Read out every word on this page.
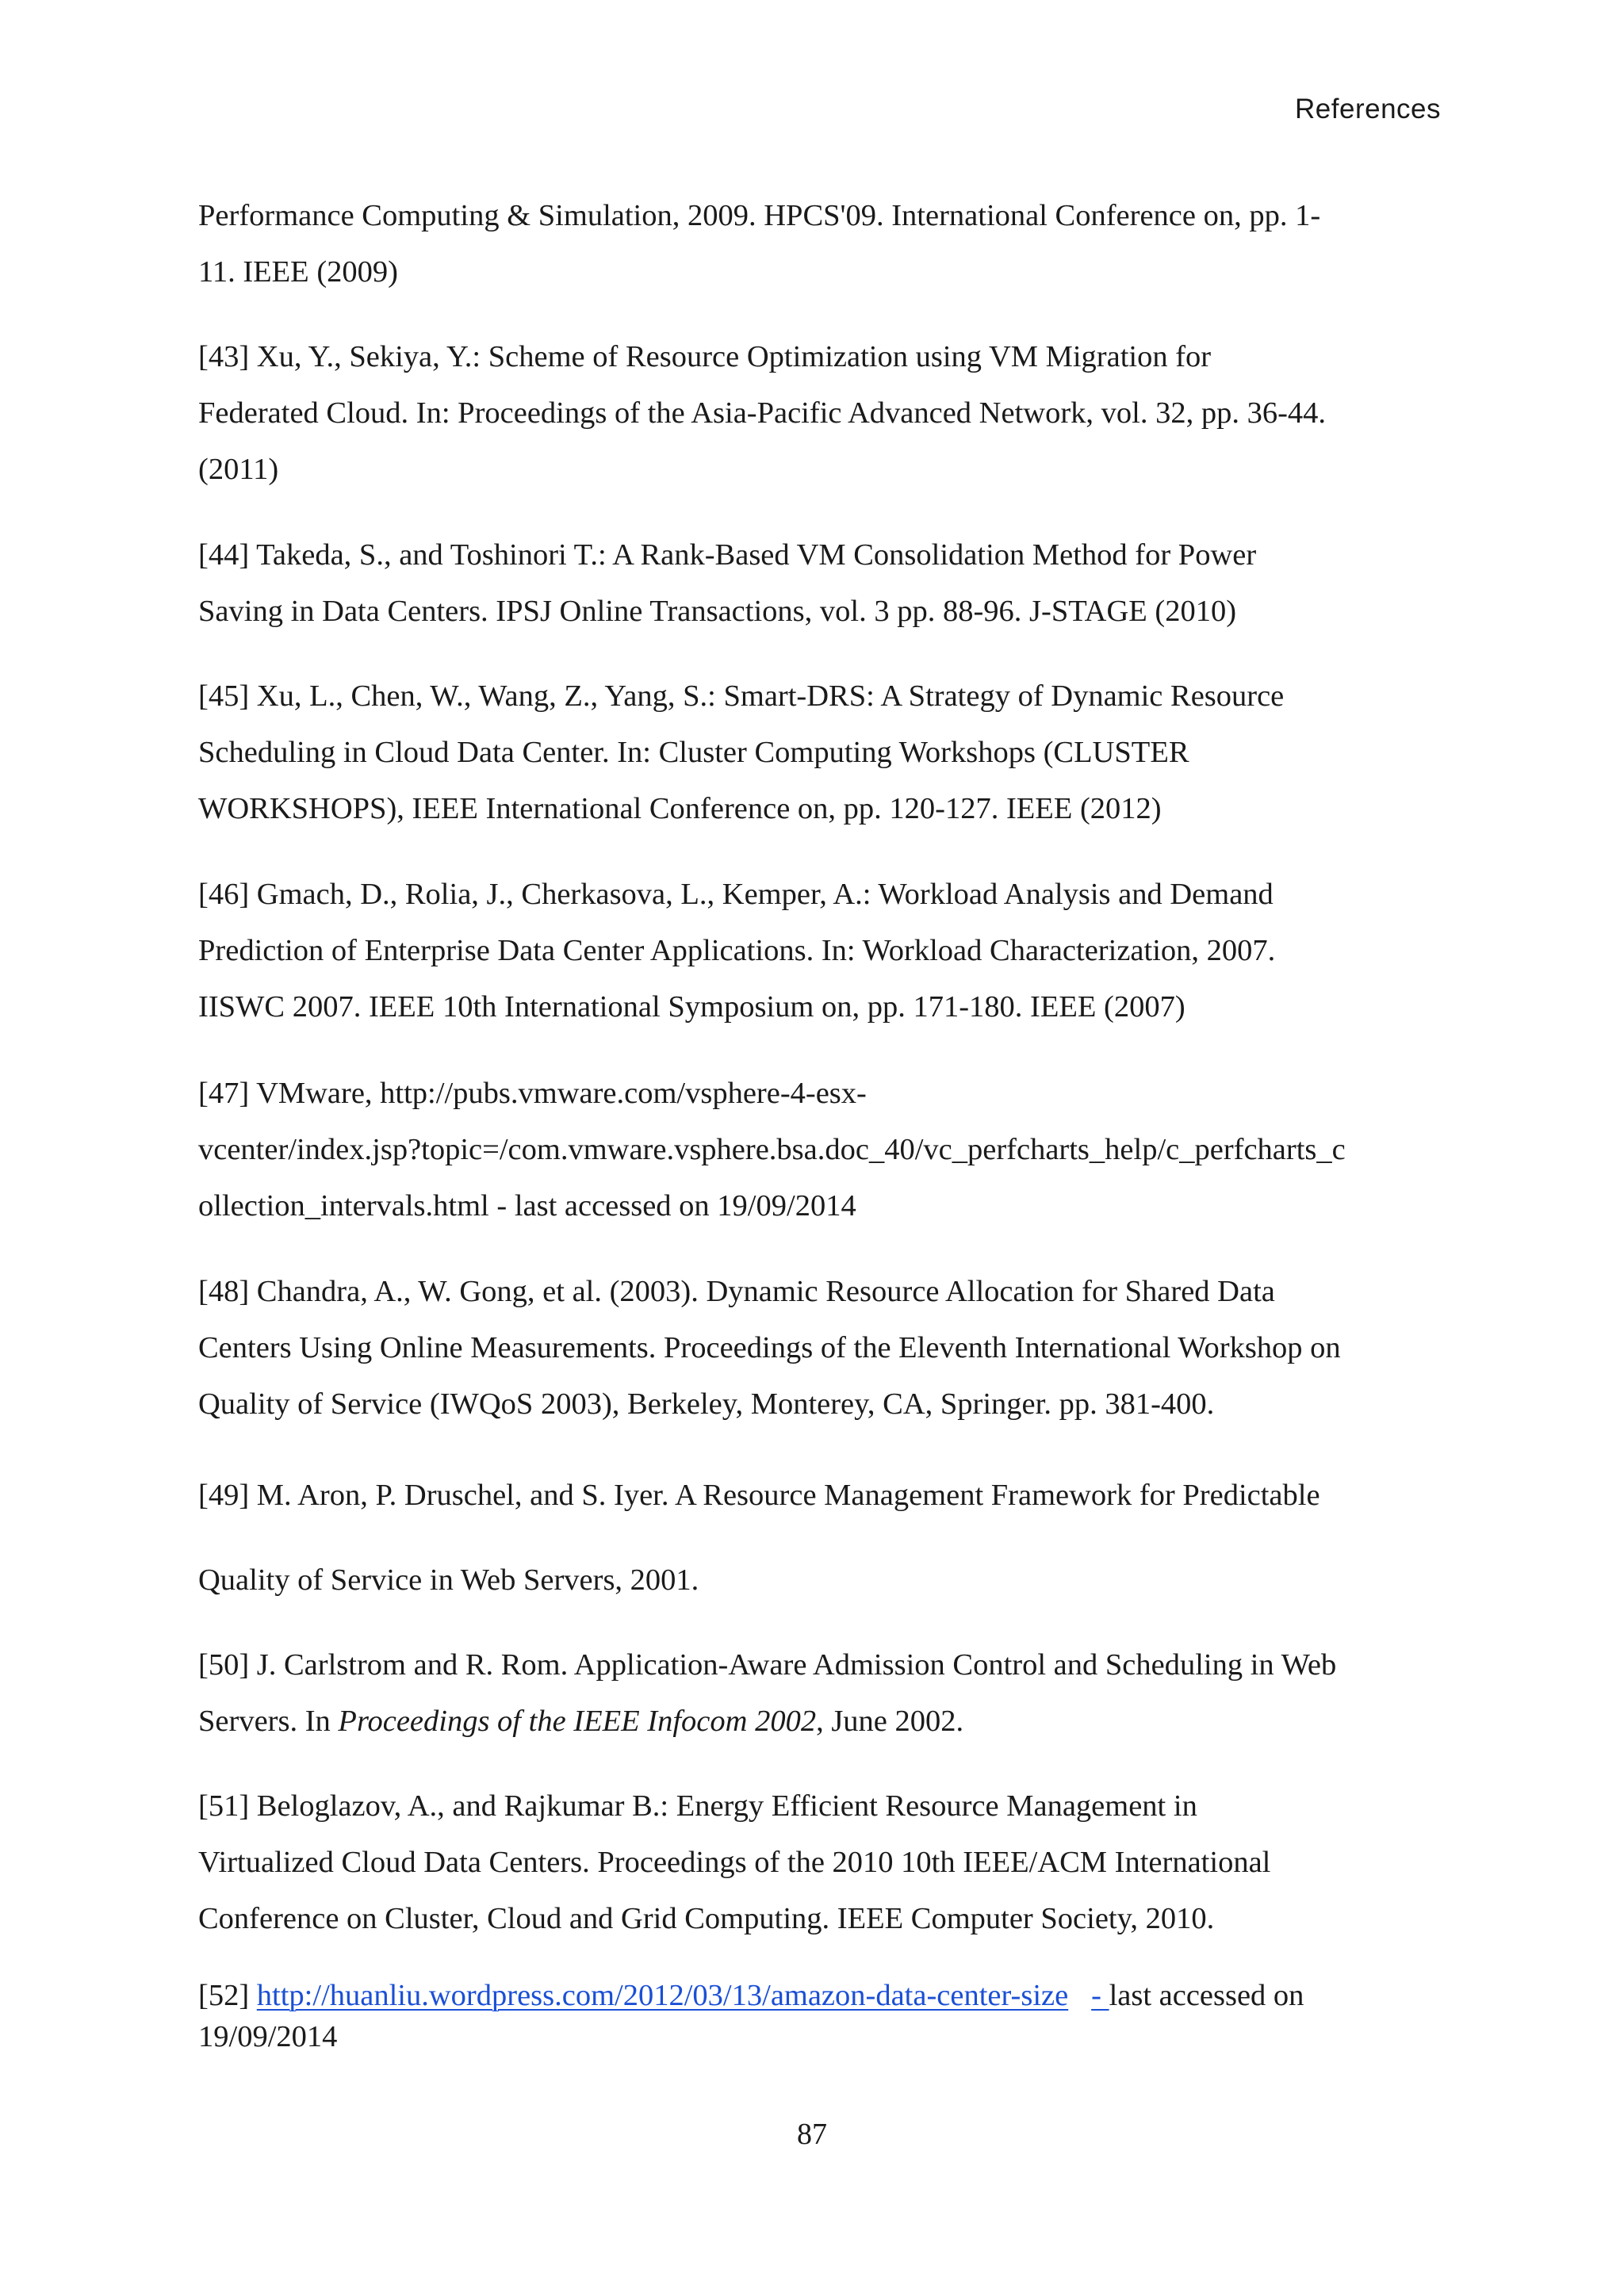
References
Performance Computing & Simulation, 2009. HPCS'09. International Conference on, pp. 1-
11. IEEE (2009)
[43] Xu, Y., Sekiya, Y.: Scheme of Resource Optimization using VM Migration for
Federated Cloud. In: Proceedings of the Asia-Pacific Advanced Network, vol. 32, pp. 36-44.
(2011)
[44] Takeda, S., and Toshinori T.: A Rank-Based VM Consolidation Method for Power
Saving in Data Centers. IPSJ Online Transactions, vol. 3 pp. 88-96. J-STAGE (2010)
[45] Xu, L., Chen, W., Wang, Z., Yang, S.: Smart-DRS: A Strategy of Dynamic Resource
Scheduling in Cloud Data Center. In: Cluster Computing Workshops (CLUSTER
WORKSHOPS), IEEE International Conference on, pp. 120-127. IEEE (2012)
[46] Gmach, D., Rolia, J., Cherkasova, L., Kemper, A.: Workload Analysis and Demand
Prediction of Enterprise Data Center Applications. In: Workload Characterization, 2007.
IISWC 2007. IEEE 10th International Symposium on, pp. 171-180. IEEE (2007)
[47] VMware, http://pubs.vmware.com/vsphere-4-esx-
vcenter/index.jsp?topic=/com.vmware.vsphere.bsa.doc_40/vc_perfcharts_help/c_perfcharts_c
ollection_intervals.html - last accessed on 19/09/2014
[48] Chandra, A., W. Gong, et al. (2003). Dynamic Resource Allocation for Shared Data
Centers Using Online Measurements. Proceedings of the Eleventh International Workshop on
Quality of Service (IWQoS 2003), Berkeley, Monterey, CA, Springer. pp. 381-400.
[49] M. Aron, P. Druschel, and S. Iyer. A Resource Management Framework for Predictable
Quality of Service in Web Servers, 2001.
[50] J. Carlstrom and R. Rom. Application-Aware Admission Control and Scheduling in Web
Servers. In Proceedings of the IEEE Infocom 2002, June 2002.
[51] Beloglazov, A., and Rajkumar B.: Energy Efficient Resource Management in
Virtualized Cloud Data Centers. Proceedings of the 2010 10th IEEE/ACM International
Conference on Cluster, Cloud and Grid Computing. IEEE Computer Society, 2010.
[52] http://huanliu.wordpress.com/2012/03/13/amazon-data-center-size - last accessed on
19/09/2014
87
